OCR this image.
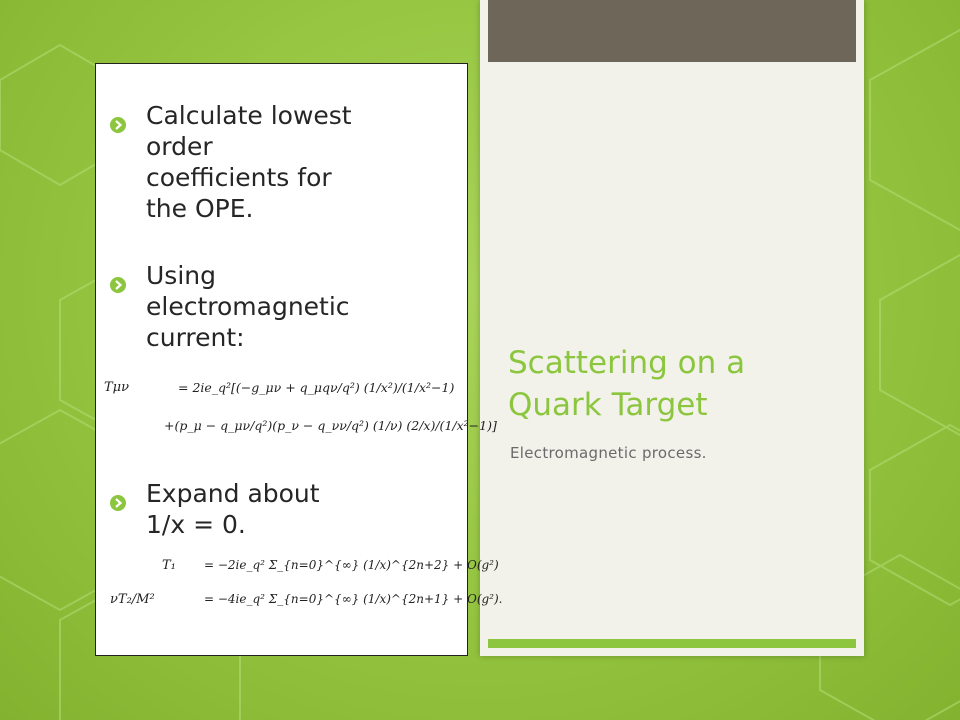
Scattering on a
Quark Target
Electromagnetic process.
Calculate lowest
order
coefficients for
the OPE.
Using
electromagnetic
current:
Tμν	= 2ie_q²[(−g_μν + q_μqν/q²) (1/x²)/(1/x²−1)
+(p_μ − q_μν/q²)(p_ν − q_νν/q²) (1/ν) (2/x)/(1/x²−1)]
Expand about
1/x = 0.
T₁ = −2ie_q² Σ_{n=0}^{∞} (1/x)^{2n+2} + O(g²)
νT₂/M²	= −4ie_q² Σ_{n=0}^{∞} (1/x)^{2n+1} + O(g²).
